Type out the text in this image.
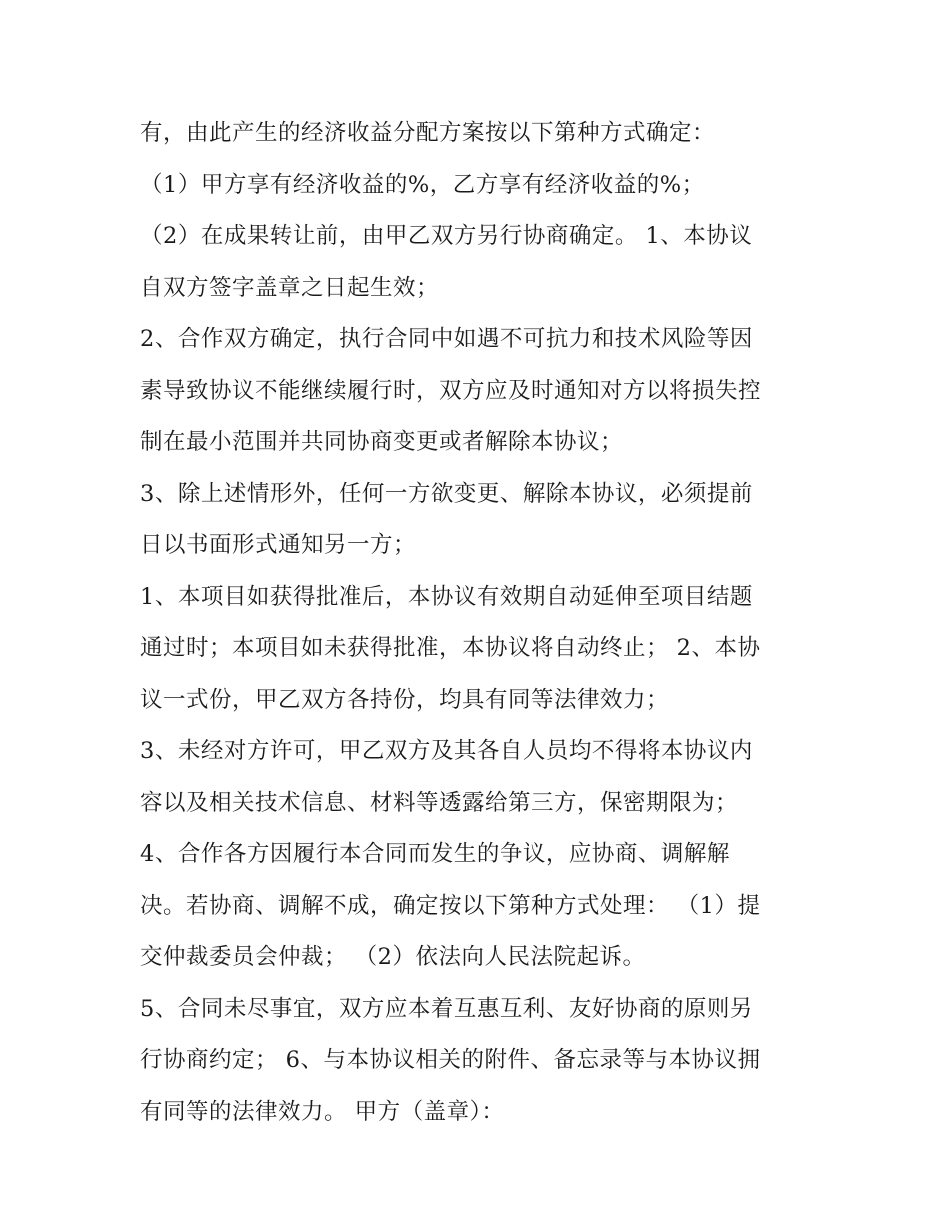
有，由此产生的经济收益分配方案按以下第种方式确定：
（1）甲方享有经济收益的%，乙方享有经济收益的%；
（2）在成果转让前，由甲乙双方另行协商确定。 1、本协议
自双方签字盖章之日起生效；
2、合作双方确定，执行合同中如遇不可抗力和技术风险等因
素导致协议不能继续履行时，双方应及时通知对方以将损失控
制在最小范围并共同协商变更或者解除本协议；
3、除上述情形外，任何一方欲变更、解除本协议，必须提前
日以书面形式通知另一方；
1、本项目如获得批准后，本协议有效期自动延伸至项目结题
通过时；本项目如未获得批准，本协议将自动终止； 2、本协
议一式份，甲乙双方各持份，均具有同等法律效力；
3、未经对方许可，甲乙双方及其各自人员均不得将本协议内
容以及相关技术信息、材料等透露给第三方，保密期限为；
4、合作各方因履行本合同而发生的争议，应协商、调解解
决。若协商、调解不成，确定按以下第种方式处理： （1）提
交仲裁委员会仲裁； （2）依法向人民法院起诉。
5、合同未尽事宜，双方应本着互惠互利、友好协商的原则另
行协商约定； 6、与本协议相关的附件、备忘录等与本协议拥
有同等的法律效力。 甲方（盖章）：
